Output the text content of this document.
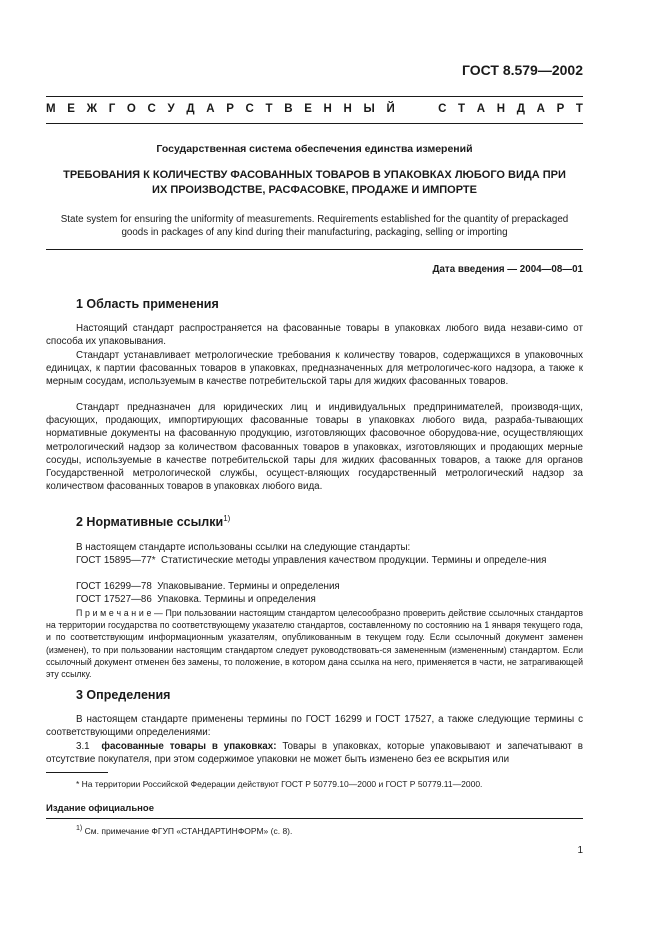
ГОСТ 8.579—2002
М Е Ж Г О С У Д А Р С Т В Е Н Н Ы Й	С Т А Н Д А Р Т
Государственная система обеспечения единства измерений
ТРЕБОВАНИЯ К КОЛИЧЕСТВУ ФАСОВАННЫХ ТОВАРОВ В УПАКОВКАХ ЛЮБОГО ВИДА ПРИ
ИХ ПРОИЗВОДСТВЕ, РАСФАСОВКЕ, ПРОДАЖЕ И ИМПОРТЕ
State system for ensuring the uniformity of measurements. Requirements established for the quantity of prepackaged
goods in packages of any kind during their manufacturing, packaging, selling or importing
Дата введения — 2004—08—01
1 Область применения
Настоящий стандарт распространяется на фасованные товары в упаковках любого вида незави-симо от способа их упаковывания.
Стандарт устанавливает метрологические требования к количеству товаров, содержащихся в упаковочных единицах, к партии фасованных товаров в упаковках, предназначенных для метрологичес-кого надзора, а также к мерным сосудам, используемым в качестве потребительской тары для жидких фасованных товаров.
Стандарт предназначен для юридических лиц и индивидуальных предпринимателей, производя-щих, фасующих, продающих, импортирующих фасованные товары в упаковках любого вида, разраба-тывающих нормативные документы на фасованную продукцию, изготовляющих фасовочное оборудова-ние, осуществляющих метрологический надзор за количеством фасованных товаров в упаковках, изготовляющих и продающих мерные сосуды, используемые в качестве потребительской тары для жидких фасованных товаров, а также для органов Государственной метрологической службы, осущест-вляющих государственный метрологический надзор за количеством фасованных товаров в упаковках любого вида.
2 Нормативные ссылки$^{1)}$
В настоящем стандарте использованы ссылки на следующие стандарты:
ГОСТ 15895—77* Статистические методы управления качеством продукции. Термины и определе-ния
ГОСТ 16299—78 Упаковывание. Термины и определения
ГОСТ 17527—86 Упаковка. Термины и определения
П р и м е ч а н и е — При пользовании настоящим стандартом целесообразно проверить действие ссылочных стандартов на территории государства по соответствующему указателю стандартов, составленному по состоянию на 1 января текущего года, и по соответствующим информационным указателям, опубликованным в текущем году. Если ссылочный документ заменен (изменен), то при пользовании настоящим стандартом следует руководствовать-ся замененным (измененным) стандартом. Если ссылочный документ отменен без замены, то положение, в котором дана ссылка на него, применяется в части, не затрагивающей эту ссылку.
3 Определения
В настоящем стандарте применены термины по ГОСТ 16299 и ГОСТ 17527, а также следующие термины с соответствующими определениями:
3.1 фасованные товары в упаковках: Товары в упаковках, которые упаковывают и запечатывают в отсутствие покупателя, при этом содержимое упаковки не может быть изменено без ее вскрытия или
* На территории Российской Федерации действуют ГОСТ Р 50779.10—2000 и ГОСТ Р 50779.11—2000.
Издание официальное
$^{1)}$ См. примечание ФГУП «СТАНДАРТИНФОРМ» (с. 8).
1
